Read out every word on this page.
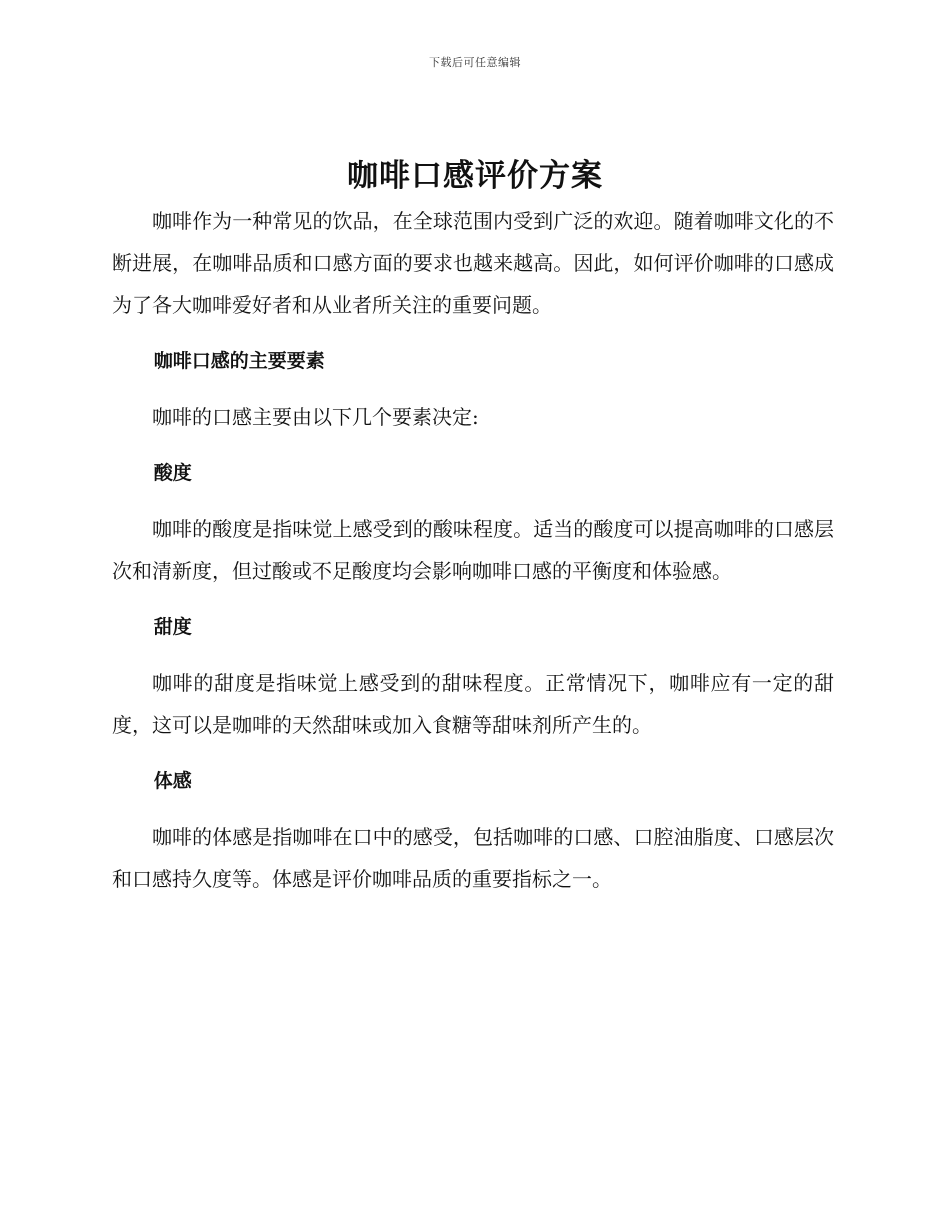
下载后可任意编辑
咖啡口感评价方案

咖啡作为一种常见的饮品，在全球范围内受到广泛的欢迎。随着咖啡文化的不断进展，在咖啡品质和口感方面的要求也越来越高。因此，如何评价咖啡的口感成为了各大咖啡爱好者和从业者所关注的重要问题。

咖啡口感的主要要素

咖啡的口感主要由以下几个要素决定:

酸度

咖啡的酸度是指味觉上感受到的酸味程度。适当的酸度可以提高咖啡的口感层次和清新度，但过酸或不足酸度均会影响咖啡口感的平衡度和体验感。

甜度

咖啡的甜度是指味觉上感受到的甜味程度。正常情况下，咖啡应有一定的甜度，这可以是咖啡的天然甜味或加入食糖等甜味剂所产生的。

体感

咖啡的体感是指咖啡在口中的感受，包括咖啡的口感、口腔油脂度、口感层次和口感持久度等。体感是评价咖啡品质的重要指标之一。
